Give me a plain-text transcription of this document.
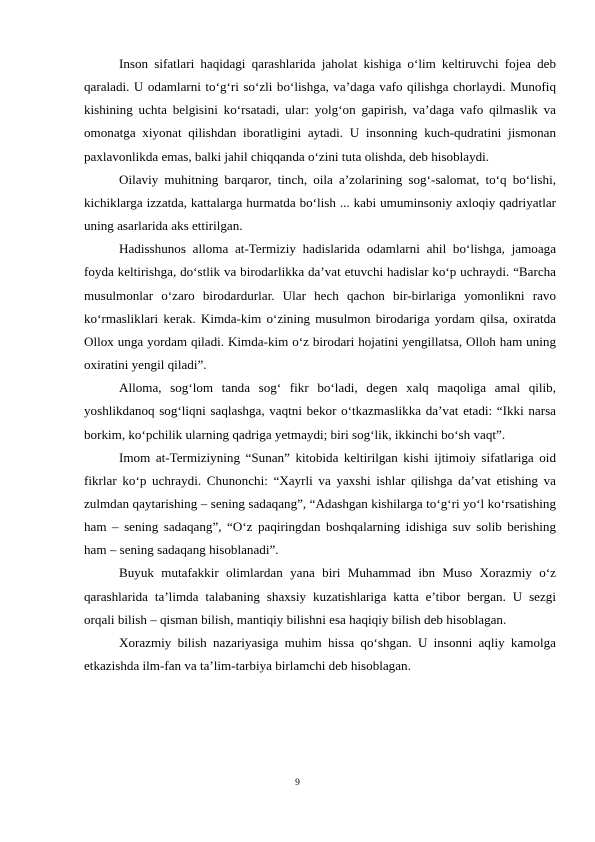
Inson sifatlari haqidagi qarashlarida jaholat kishiga o‘lim keltiruvchi fojea deb qaraladi. U odamlarni to‘g‘ri so‘zli bo‘lishga, va’daga vafo qilishga chorlaydi. Munofiq kishining uchta belgisini ko‘rsatadi, ular: yolg‘on gapirish, va’daga vafo qilmaslik va omonatga xiyonat qilishdan iboratligini aytadi. U insonning kuch-qudratini jismonan paxlavonlikda emas, balki jahil chiqqanda o‘zini tuta olishda, deb hisoblaydi.

Oilaviy muhitning barqaror, tinch, oila a’zolarining sog‘-salomat, to‘q bo‘lishi, kichiklarga izzatda, kattalarga hurmatda bo‘lish ... kabi umuminsoniy axloqiy qadriyatlar uning asarlarida aks ettirilgan.

Hadisshunos alloma at-Termiziy hadislarida odamlarni ahil bo‘lishga, jamoaga foyda keltirishga, do‘stlik va birodarlikka da’vat etuvchi hadislar ko‘p uchraydi. “Barcha musulmonlar o‘zaro birodardurlar. Ular hech qachon bir-birlariga yomonlikni ravo ko‘rmasliklari kerak. Kimda-kim o‘zining musulmon birodariga yordam qilsa, oxiratda Ollox unga yordam qiladi. Kimda-kim o‘z birodari hojatini yengillatsa, Olloh ham uning oxiratini yengil qiladi”.

Alloma, sog‘lom tanda sog‘ fikr bo‘ladi, degen xalq maqoliga amal qilib, yoshlikdanoq sog‘liqni saqlashga, vaqtni bekor o‘tkazmaslikka da’vat etadi: “Ikki narsa borkim, ko‘pchilik ularning qadriga yetmaydi; biri sog‘lik, ikkinchi bo‘sh vaqt”.

Imom at-Termiziyning “Sunan” kitobida keltirilgan kishi ijtimoiy sifatlariga oid fikrlar ko‘p uchraydi. Chunonchi: “Xayrli va yaxshi ishlar qilishga da’vat etishing va zulmdan qaytarishing – sening sadaqang”, “Adashgan kishilarga to‘g‘ri yo‘l ko‘rsatishing ham – sening sadaqang”, “O‘z paqiringdan boshqalarning idishiga suv solib berishing ham – sening sadaqang hisoblanadi”.

Buyuk mutafakkir olimlardan yana biri Muhammad ibn Muso Xorazmiy o‘z qarashlarida ta’limda talabaning shaxsiy kuzatishlariga katta e’tibor bergan. U sezgi orqali bilish – qisman bilish, mantiqiy bilishni esa haqiqiy bilish deb hisoblagan.

Xorazmiy bilish nazariyasiga muhim hissa qo‘shgan. U insonni aqliy kamolga etkazishda ilm-fan va ta’lim-tarbiya birlamchi deb hisoblagan.

9
